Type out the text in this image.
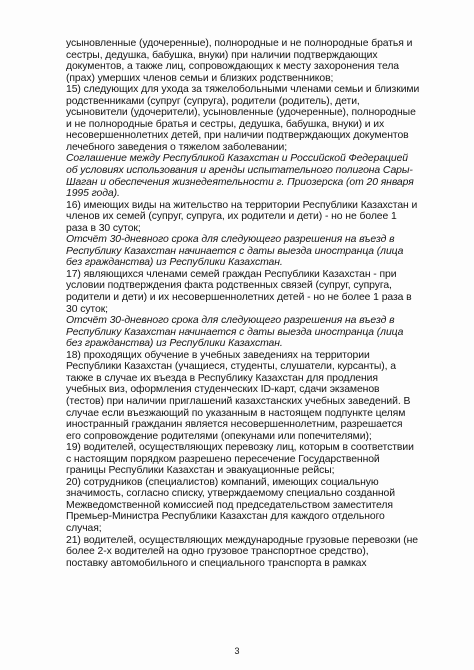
усыновленные (удочеренные), полнородные и не полнородные братья и
сестры, дедушка, бабушка, внуки) при наличии подтверждающих
документов, а также лиц, сопровождающих к месту захоронения тела
(прах) умерших членов семьи и близких родственников;
15) следующих для ухода за тяжелобольными членами семьи и близкими
родственниками (супруг (супруга), родители (родитель), дети,
усыновители (удочерители), усыновленные (удочеренные), полнородные
и не полнородные братья и сестры, дедушка, бабушка, внуки) и их
несовершеннолетних детей, при наличии подтверждающих документов
лечебного заведения о тяжелом заболевании;
Соглашение между Республикой Казахстан и Российской Федерацией
об условиях использования и аренды испытательного полигона Сары-
Шаган и обеспечения жизнедеятельности г. Приозерска (от 20 января
1995 года).
16) имеющих виды на жительство на территории Республики Казахстан и
членов их семей (супруг, супруга, их родители и дети) - но не более 1
раза в 30 суток;
Отсчёт 30-дневного срока для следующего разрешения на въезд в
Республику Казахстан начинается с даты выезда иностранца (лица
без гражданства) из Республики Казахстан.
17) являющихся членами семей граждан Республики Казахстан - при
условии подтверждения факта родственных связей (супруг, супруга,
родители и дети) и их несовершеннолетних детей - но не более 1 раза в
30 суток;
Отсчёт 30-дневного срока для следующего разрешения на въезд в
Республику Казахстан начинается с даты выезда иностранца (лица
без гражданства) из Республики Казахстан.
18) проходящих обучение в учебных заведениях на территории
Республики Казахстан (учащиеся, студенты, слушатели, курсанты), а
также в случае их въезда в Республику Казахстан для продления
учебных виз, оформления студенческих ID-карт, сдачи экзаменов
(тестов) при наличии приглашений казахстанских учебных заведений. В
случае если въезжающий по указанным в настоящем подпункте целям
иностранный гражданин является несовершеннолетним, разрешается
его сопровождение родителями (опекунами или попечителями);
19) водителей, осуществляющих перевозку лиц, которым в соответствии
с настоящим порядком разрешено пересечение Государственной
границы Республики Казахстан и эвакуационные рейсы;
20) сотрудников (специалистов) компаний, имеющих социальную
значимость, согласно списку, утверждаемому специально созданной
Межведомственной комиссией под председательством заместителя
Премьер-Министра Республики Казахстан для каждого отдельного
случая;
21) водителей, осуществляющих международные грузовые перевозки (не
более 2-х водителей на одно грузовое транспортное средство),
поставку автомобильного и специального транспорта в рамках
3
